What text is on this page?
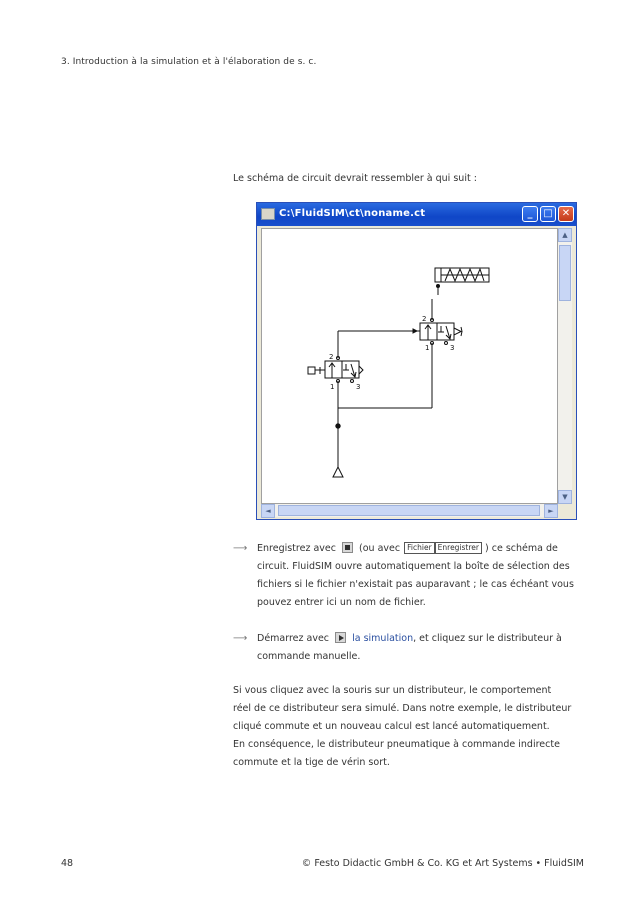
3. Introduction à la simulation et à l'élaboration de s. c.
Le schéma de circuit devrait ressembler à qui suit :
C:\FluidSIM\ct\noname.ct	_	□ ✕
2
1	3
2
1	3
▲
▼
◄	►
⟶ Enregistrez avec (ou avec Fichier Enregistrer ) ce schéma de
circuit. FluidSIM ouvre automatiquement la boîte de sélection des
fichiers si le fichier n'existait pas auparavant ; le cas échéant vous
pouvez entrer ici un nom de fichier.
⟶ Démarrez avec la simulation, et cliquez sur le distributeur à
commande manuelle.
Si vous cliquez avec la souris sur un distributeur, le comportement
réel de ce distributeur sera simulé. Dans notre exemple, le distributeur
cliqué commute et un nouveau calcul est lancé automatiquement.
En conséquence, le distributeur pneumatique à commande indirecte
commute et la tige de vérin sort.
48	© Festo Didactic GmbH & Co. KG et Art Systems • FluidSIM
